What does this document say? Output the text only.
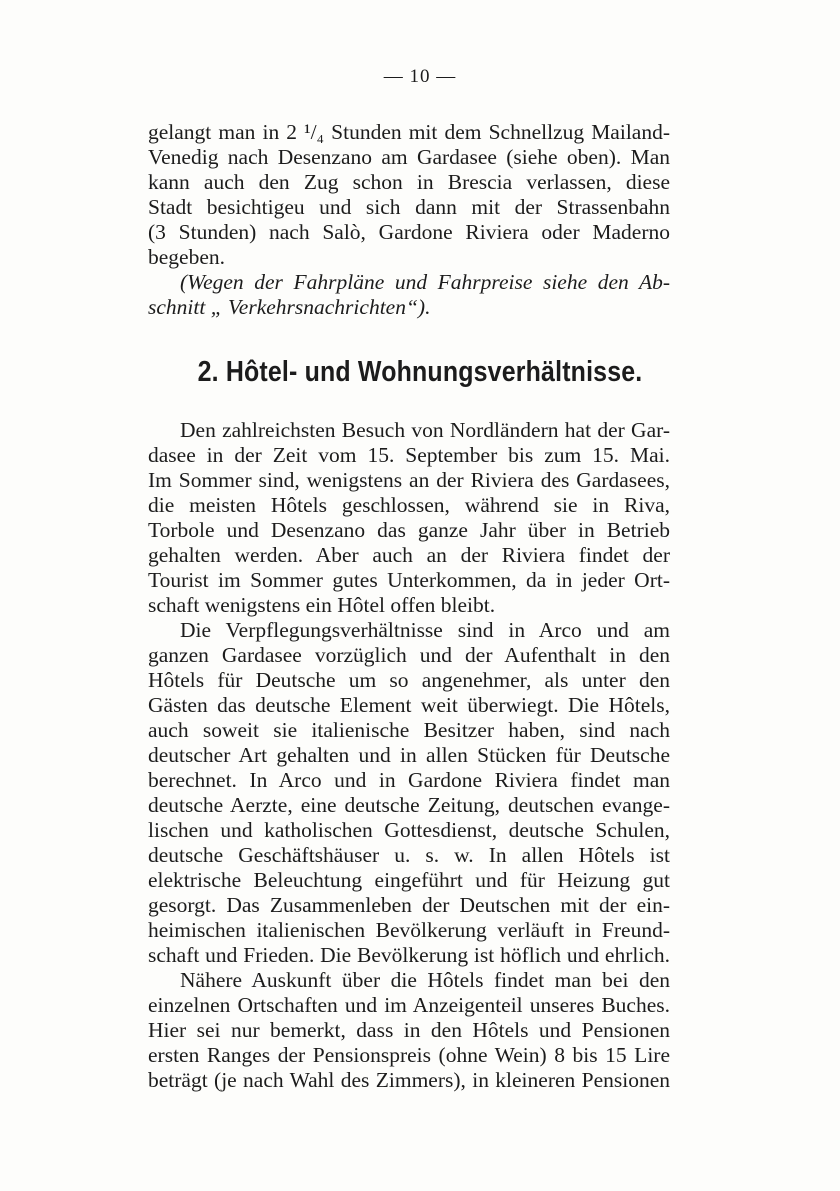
— 10 —
gelangt man in 2 ¹/₄ Stunden mit dem Schnellzug Mailand-
Venedig nach Desenzano am Gardasee (siehe oben). Man
kann auch den Zug schon in Brescia verlassen, diese
Stadt besichtigeu und sich dann mit der Strassenbahn
(3 Stunden) nach Salò, Gardone Riviera oder Maderno
begeben.
(Wegen der Fahrpläne und Fahrpreise siehe den Ab-
schnitt „ Verkehrsnachrichten“).
2. Hôtel- und Wohnungsverhältnisse.
Den zahlreichsten Besuch von Nordländern hat der Gar-
dasee in der Zeit vom 15. September bis zum 15. Mai.
Im Sommer sind, wenigstens an der Riviera des Gardasees,
die meisten Hôtels geschlossen, während sie in Riva,
Torbole und Desenzano das ganze Jahr über in Betrieb
gehalten werden. Aber auch an der Riviera findet der
Tourist im Sommer gutes Unterkommen, da in jeder Ort-
schaft wenigstens ein Hôtel offen bleibt.
Die Verpflegungsverhältnisse sind in Arco und am
ganzen Gardasee vorzüglich und der Aufenthalt in den
Hôtels für Deutsche um so angenehmer, als unter den
Gästen das deutsche Element weit überwiegt. Die Hôtels,
auch soweit sie italienische Besitzer haben, sind nach
deutscher Art gehalten und in allen Stücken für Deutsche
berechnet. In Arco und in Gardone Riviera findet man
deutsche Aerzte, eine deutsche Zeitung, deutschen evange-
lischen und katholischen Gottesdienst, deutsche Schulen,
deutsche Geschäftshäuser u. s. w. In allen Hôtels ist
elektrische Beleuchtung eingeführt und für Heizung gut
gesorgt. Das Zusammenleben der Deutschen mit der ein-
heimischen italienischen Bevölkerung verläuft in Freund-
schaft und Frieden. Die Bevölkerung ist höflich und ehrlich.
Nähere Auskunft über die Hôtels findet man bei den
einzelnen Ortschaften und im Anzeigenteil unseres Buches.
Hier sei nur bemerkt, dass in den Hôtels und Pensionen
ersten Ranges der Pensionspreis (ohne Wein) 8 bis 15 Lire
beträgt (je nach Wahl des Zimmers), in kleineren Pensionen
